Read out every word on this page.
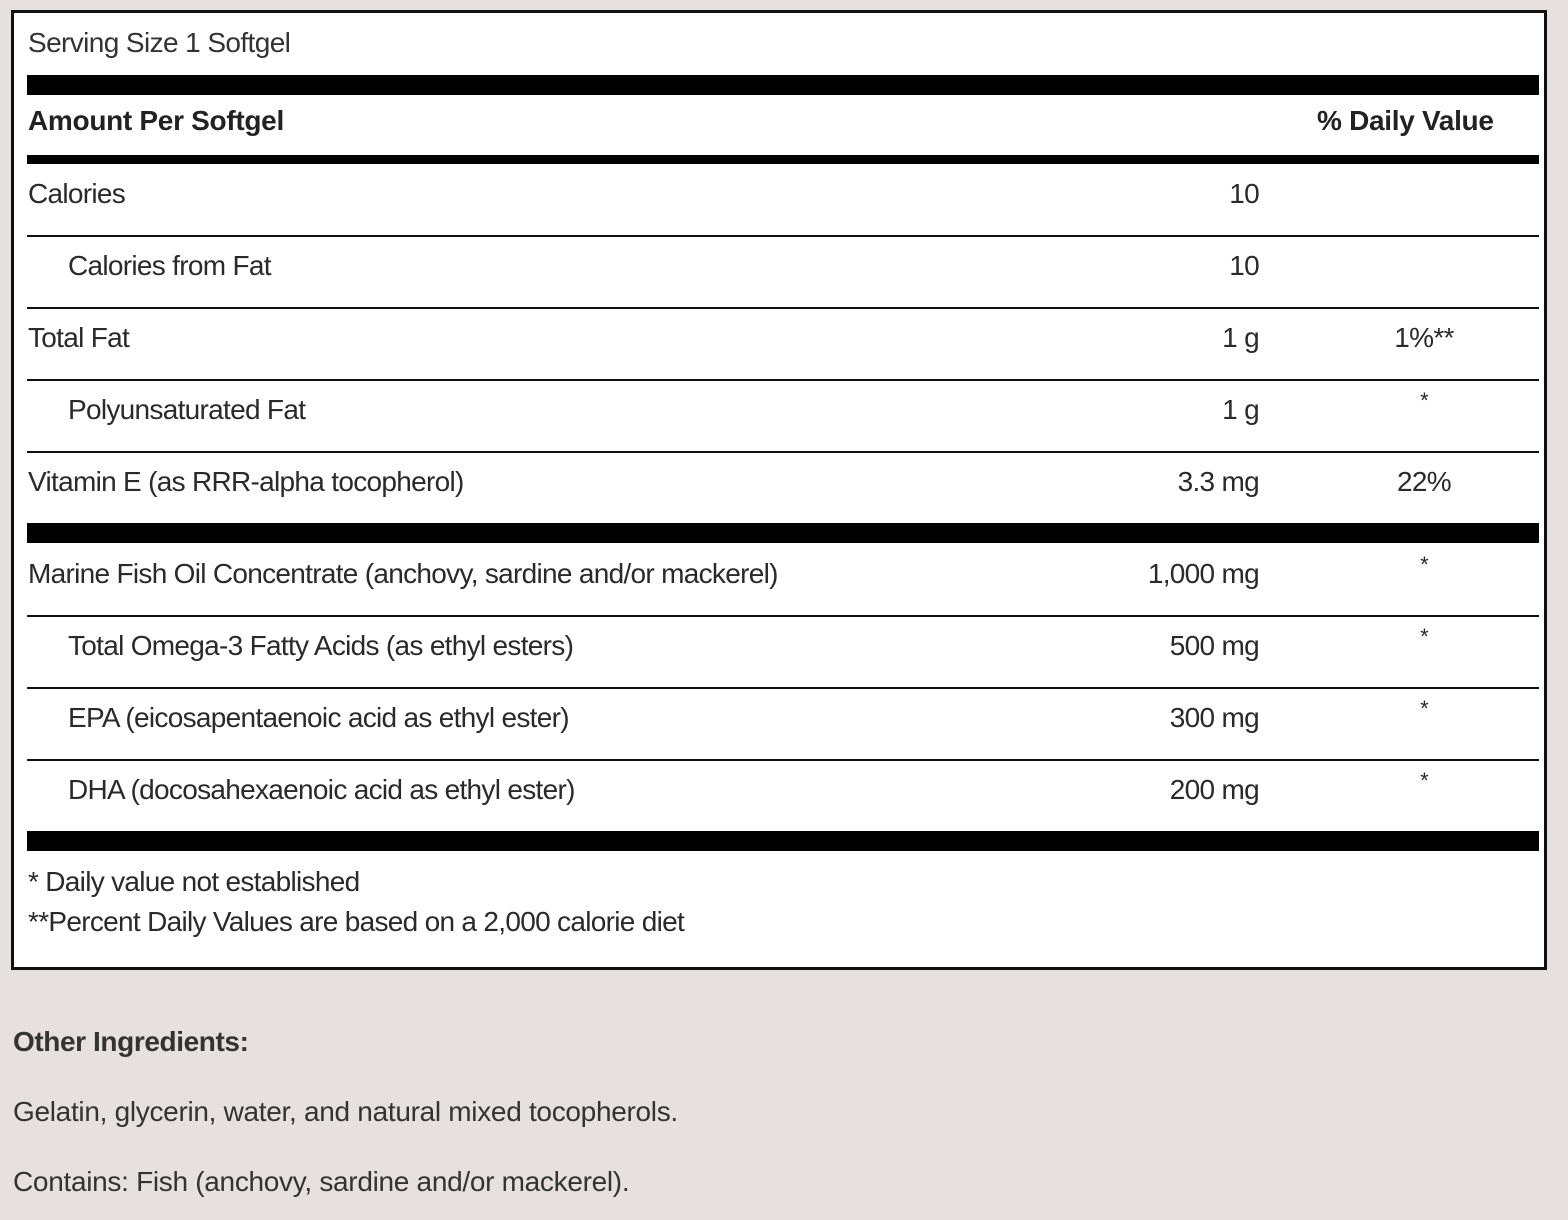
Serving Size 1 Softgel
Amount Per Softgel	% Daily Value
Calories	10
Calories from Fat	10
Total Fat	1 g	1%**
Polyunsaturated Fat	1 g	*
Vitamin E (as RRR-alpha tocopherol)	3.3 mg	22%
Marine Fish Oil Concentrate (anchovy, sardine and/or mackerel)	1,000 mg	*
Total Omega-3 Fatty Acids (as ethyl esters)	500 mg	*
EPA (eicosapentaenoic acid as ethyl ester)	300 mg	*
DHA (docosahexaenoic acid as ethyl ester)	200 mg	*
* Daily value not established
**Percent Daily Values are based on a 2,000 calorie diet
Other Ingredients:
Gelatin, glycerin, water, and natural mixed tocopherols.
Contains: Fish (anchovy, sardine and/or mackerel).
